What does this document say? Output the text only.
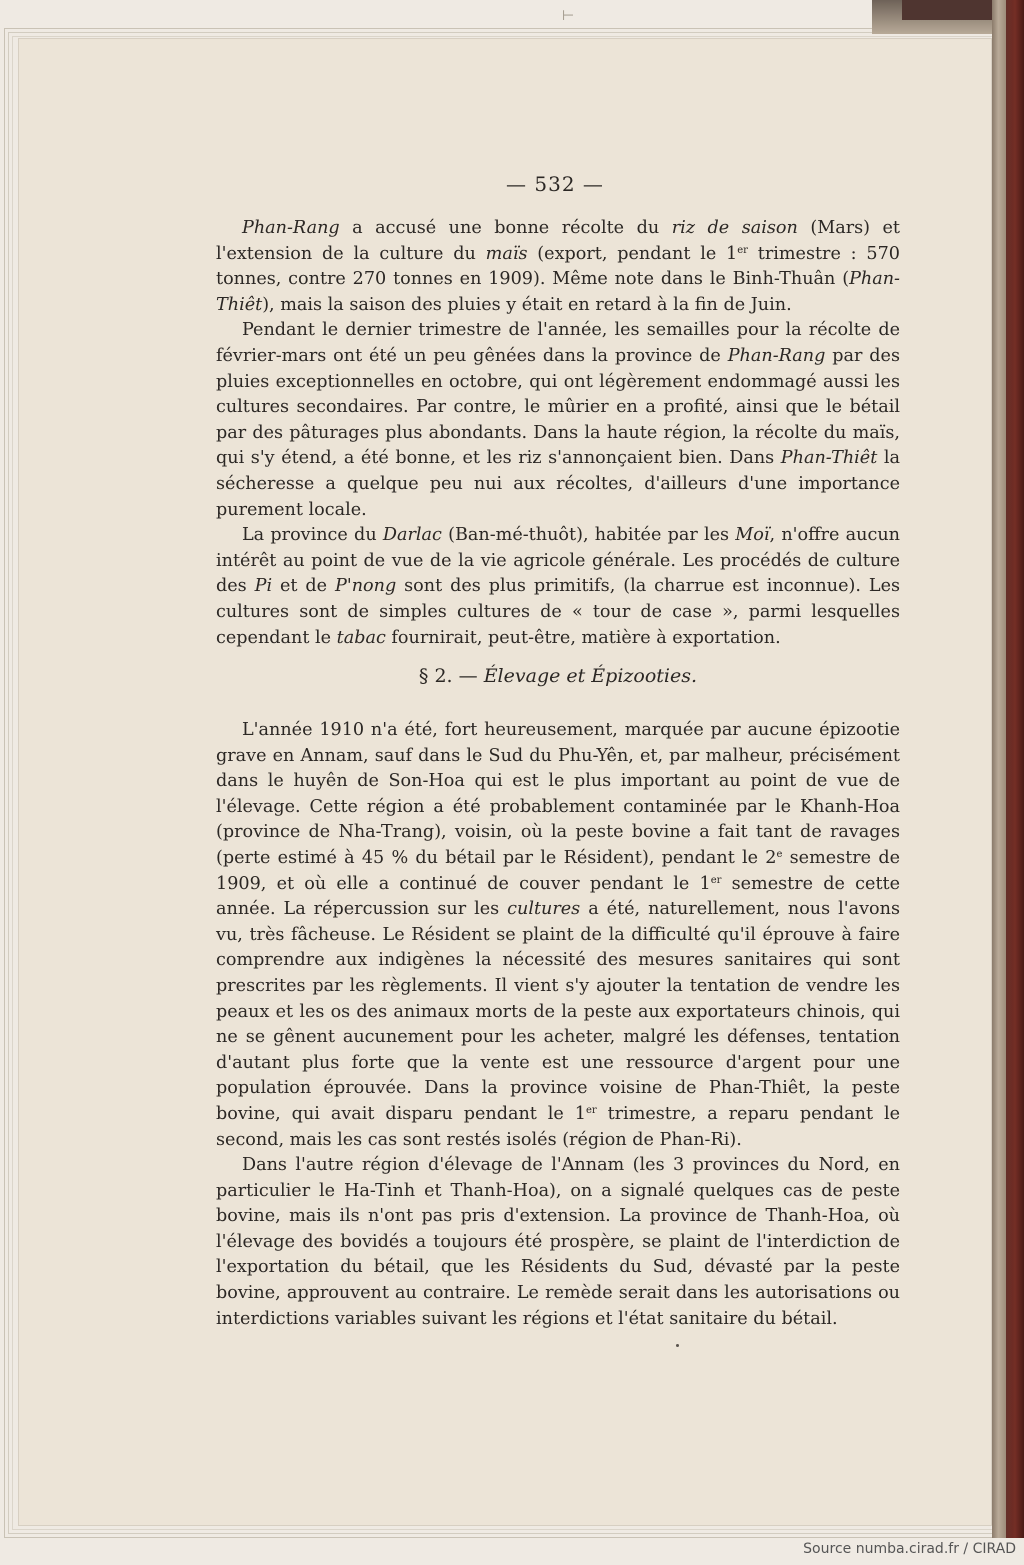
⊢
— 532 —

Phan-Rang a accusé une bonne récolte du riz de saison (Mars) et l'extension de la culture du maïs (export, pendant le 1er trimestre : 570 tonnes, contre 270 tonnes en 1909). Même note dans le Binh-Thuân (Phan-Thiêt), mais la saison des pluies y était en retard à la fin de Juin.

Pendant le dernier trimestre de l'année, les semailles pour la récolte de février-mars ont été un peu gênées dans la province de Phan-Rang par des pluies exceptionnelles en octobre, qui ont légèrement endommagé aussi les cultures secondaires. Par contre, le mûrier en a profité, ainsi que le bétail par des pâturages plus abondants. Dans la haute région, la récolte du maïs, qui s'y étend, a été bonne, et les riz s'annonçaient bien. Dans Phan-Thiêt la sécheresse a quelque peu nui aux récoltes, d'ailleurs d'une importance purement locale.

La province du Darlac (Ban-mé-thuôt), habitée par les Moï, n'offre aucun intérêt au point de vue de la vie agricole générale. Les procédés de culture des Pi et de P'nong sont des plus primitifs, (la charrue est inconnue). Les cultures sont de simples cultures de « tour de case », parmi lesquelles cependant le tabac fournirait, peut-être, matière à exportation.

§ 2. — Élevage et Épizooties.

L'année 1910 n'a été, fort heureusement, marquée par aucune épizootie grave en Annam, sauf dans le Sud du Phu-Yên, et, par malheur, précisément dans le huyên de Son-Hoa qui est le plus important au point de vue de l'élevage. Cette région a été probablement contaminée par le Khanh-Hoa (province de Nha-Trang), voisin, où la peste bovine a fait tant de ravages (perte estimé à 45 % du bétail par le Résident), pendant le 2e semestre de 1909, et où elle a continué de couver pendant le 1er semestre de cette année. La répercussion sur les cultures a été, naturellement, nous l'avons vu, très fâcheuse. Le Résident se plaint de la difficulté qu'il éprouve à faire comprendre aux indigènes la nécessité des mesures sanitaires qui sont prescrites par les règlements. Il vient s'y ajouter la tentation de vendre les peaux et les os des animaux morts de la peste aux exportateurs chinois, qui ne se gênent aucunement pour les acheter, malgré les défenses, tentation d'autant plus forte que la vente est une ressource d'argent pour une population éprouvée. Dans la province voisine de Phan-Thiêt, la peste bovine, qui avait disparu pendant le 1er trimestre, a reparu pendant le second, mais les cas sont restés isolés (région de Phan-Ri).

Dans l'autre région d'élevage de l'Annam (les 3 provinces du Nord, en particulier le Ha-Tinh et Thanh-Hoa), on a signalé quelques cas de peste bovine, mais ils n'ont pas pris d'extension. La province de Thanh-Hoa, où l'élevage des bovidés a toujours été prospère, se plaint de l'interdiction de l'exportation du bétail, que les Résidents du Sud, dévasté par la peste bovine, approuvent au contraire. Le remède serait dans les autorisations ou interdictions variables suivant les régions et l'état sanitaire du bétail.

Source numba.cirad.fr / CIRAD
